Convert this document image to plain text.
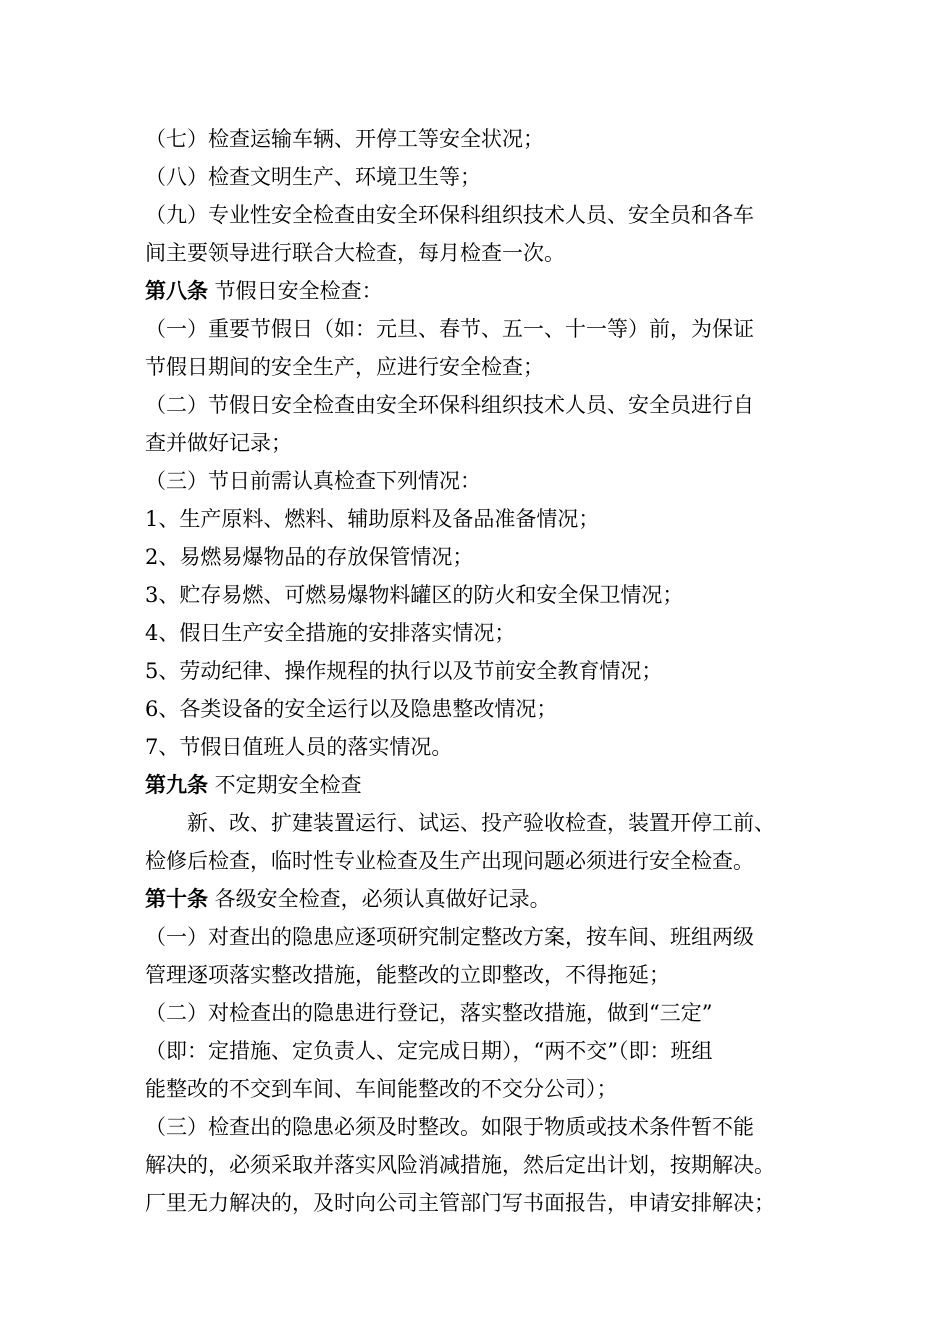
（七）检查运输车辆、开停工等安全状况；
（八）检查文明生产、环境卫生等；
（九）专业性安全检查由安全环保科组织技术人员、安全员和各车
间主要领导进行联合大检查，每月检查一次。
第八条 节假日安全检查：
（一）重要节假日（如：元旦、春节、五一、十一等）前，为保证
节假日期间的安全生产，应进行安全检查；
（二）节假日安全检查由安全环保科组织技术人员、安全员进行自
查并做好记录；
（三）节日前需认真检查下列情况：
1、生产原料、燃料、辅助原料及备品准备情况；
2、易燃易爆物品的存放保管情况；
3、贮存易燃、可燃易爆物料罐区的防火和安全保卫情况；
4、假日生产安全措施的安排落实情况；
5、劳动纪律、操作规程的执行以及节前安全教育情况；
6、各类设备的安全运行以及隐患整改情况；
7、节假日值班人员的落实情况。
第九条 不定期安全检查
新、改、扩建装置运行、试运、投产验收检查，装置开停工前、
检修后检查，临时性专业检查及生产出现问题必须进行安全检查。
第十条 各级安全检查，必须认真做好记录。
（一）对查出的隐患应逐项研究制定整改方案，按车间、班组两级
管理逐项落实整改措施，能整改的立即整改，不得拖延；
（二）对检查出的隐患进行登记，落实整改措施，做到“三定”
（即：定措施、定负责人、定完成日期），“两不交”（即：班组
能整改的不交到车间、车间能整改的不交分公司）；
（三）检查出的隐患必须及时整改。如限于物质或技术条件暂不能
解决的，必须采取并落实风险消减措施，然后定出计划，按期解决。
厂里无力解决的，及时向公司主管部门写书面报告，申请安排解决；
